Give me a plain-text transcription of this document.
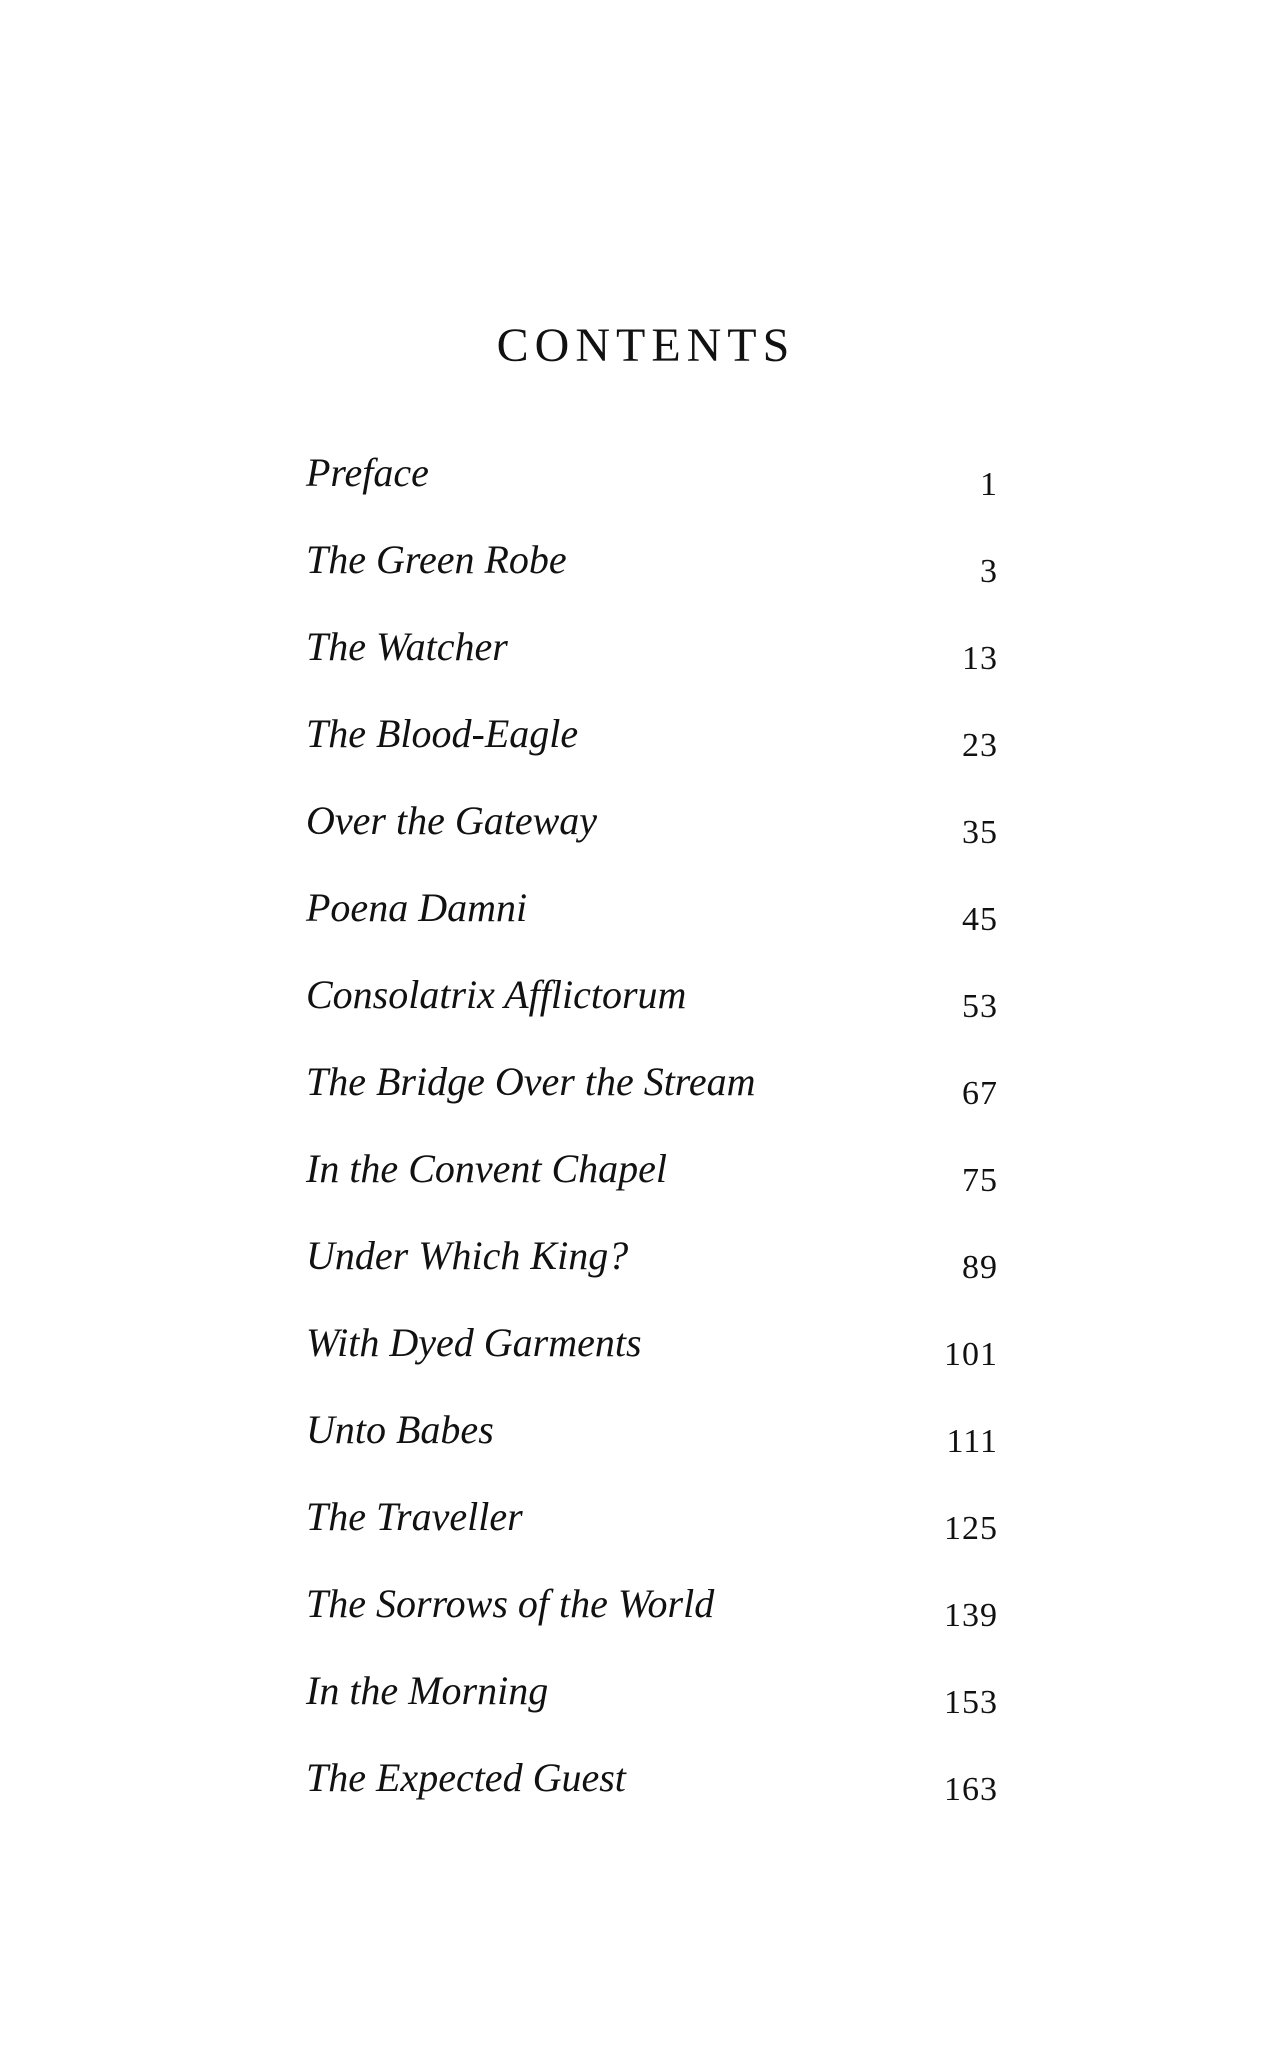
CONTENTS
Preface	1
The Green Robe	3
The Watcher	13
The Blood-Eagle	23
Over the Gateway	35
Poena Damni	45
Consolatrix Afflictorum	53
The Bridge Over the Stream	67
In the Convent Chapel	75
Under Which King?	89
With Dyed Garments	101
Unto Babes	111
The Traveller	125
The Sorrows of the World	139
In the Morning	153
The Expected Guest	163
